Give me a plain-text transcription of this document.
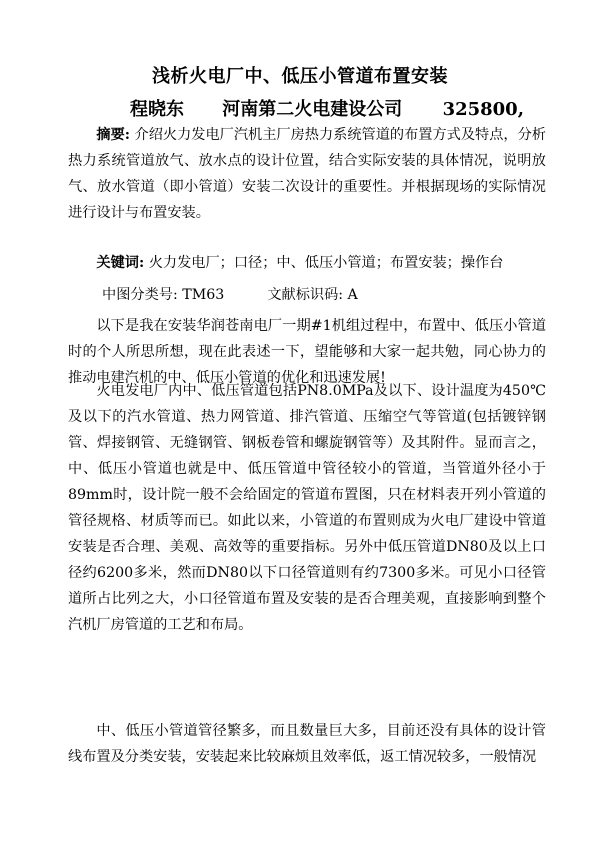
浅析火电厂中、低压小管道布置安装
程晓东 河南第二火电建设公司 325800,

摘要: 介绍火力发电厂汽机主厂房热力系统管道的布置方式及特点，分析热力系统管道放气、放水点的设计位置，结合实际安装的具体情况，说明放气、放水管道（即小管道）安装二次设计的重要性。并根据现场的实际情况进行设计与布置安装。

关键词: 火力发电厂；口径；中、低压小管道；布置安装；操作台

中图分类号: TM63	文献标识码: A

以下是我在安装华润苍南电厂一期#1机组过程中，布置中、低压小管道时的个人所思所想，现在此表述一下，望能够和大家一起共勉，同心协力的推动电建汽机的中、低压小管道的优化和迅速发展!

火电发电厂内中、低压管道包括PN8.0MPa及以下、设计温度为450℃及以下的汽水管道、热力网管道、排汽管道、压缩空气等管道(包括镀锌钢管、焊接钢管、无缝钢管、钢板卷管和螺旋钢管等）及其附件。显而言之，中、低压小管道也就是中、低压管道中管径较小的管道，当管道外径小于89mm时，设计院一般不会给固定的管道布置图，只在材料表开列小管道的管径规格、材质等而已。如此以来，小管道的布置则成为火电厂建设中管道安装是否合理、美观、高效等的重要指标。另外中低压管道DN80及以上口径约6200多米，然而DN80以下口径管道则有约7300多米。可见小口径管道所占比列之大，小口径管道布置及安装的是否合理美观，直接影响到整个汽机厂房管道的工艺和布局。

中、低压小管道管径繁多，而且数量巨大多，目前还没有具体的设计管线布置及分类安装，安装起来比较麻烦且效率低，返工情况较多，一般情况
